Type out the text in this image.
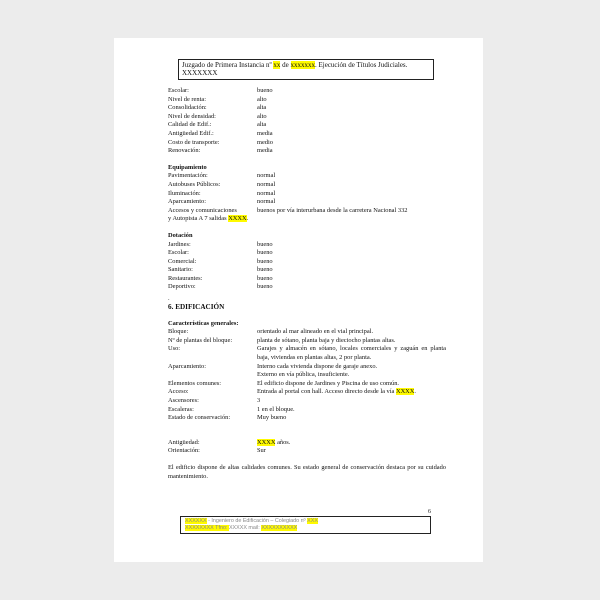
Juzgado de Primera Instancia nº xx de xxxxxxx. Ejecución de Títulos Judiciales.
XXXXXXX
Escolar:	bueno
Nivel de renta:	alto
Consolidación:	alta
Nivel de densidad:	alto
Calidad de Edif.:	alta
Antigüedad Edif.:	media
Costo de transporte:	medio
Renovación:	media
Equipamiento
Pavimentación:	normal
Autobuses Públicos:	normal
Iluminación:	normal
Aparcamiento:	normal
Accesos y comunicaciones	buenos por vía interurbana desde la carretera Nacional 332
y Autopista A 7 salidas XXXX.
Dotación
Jardines:	bueno
Escolar:	bueno
Comercial:	bueno
Sanitario:	bueno
Restaurantes:	bueno
Deportivo:	bueno
.
6. EDIFICACIÓN
Características generales:
Bloque:	orientado al mar alineado en el vial principal.
Nº de plantas del bloque:	planta de sótano, planta baja y dieciocho plantas altas.
Uso:	Garajes y almacén en sótano, locales comerciales y zaguán en planta baja, viviendas en plantas altas, 2 por planta.
Aparcamiento:	Interno cada vivienda dispone de garaje anexo.
Externo en vía pública, insuficiente.
Elementos comunes:	El edificio dispone de Jardines y Piscina de uso común.
Acceso:	Entrada al portal con hall. Acceso directo desde la vía XXXX.
Ascensores:	3
Escaleras:	1 en el bloque.
Estado de conservación:	Muy bueno
Antigüedad:	XXXX años.
Orientación:	Sur
El edificio dispone de altas calidades comunes. Su estado general de conservación destaca por su cuidado mantenimiento.
6
XXXXXX - Ingeniero de Edificación – Colegiado nº XXX
XXXXXXXX Tfno: XXXXX mail: XXXXXXXXXX
